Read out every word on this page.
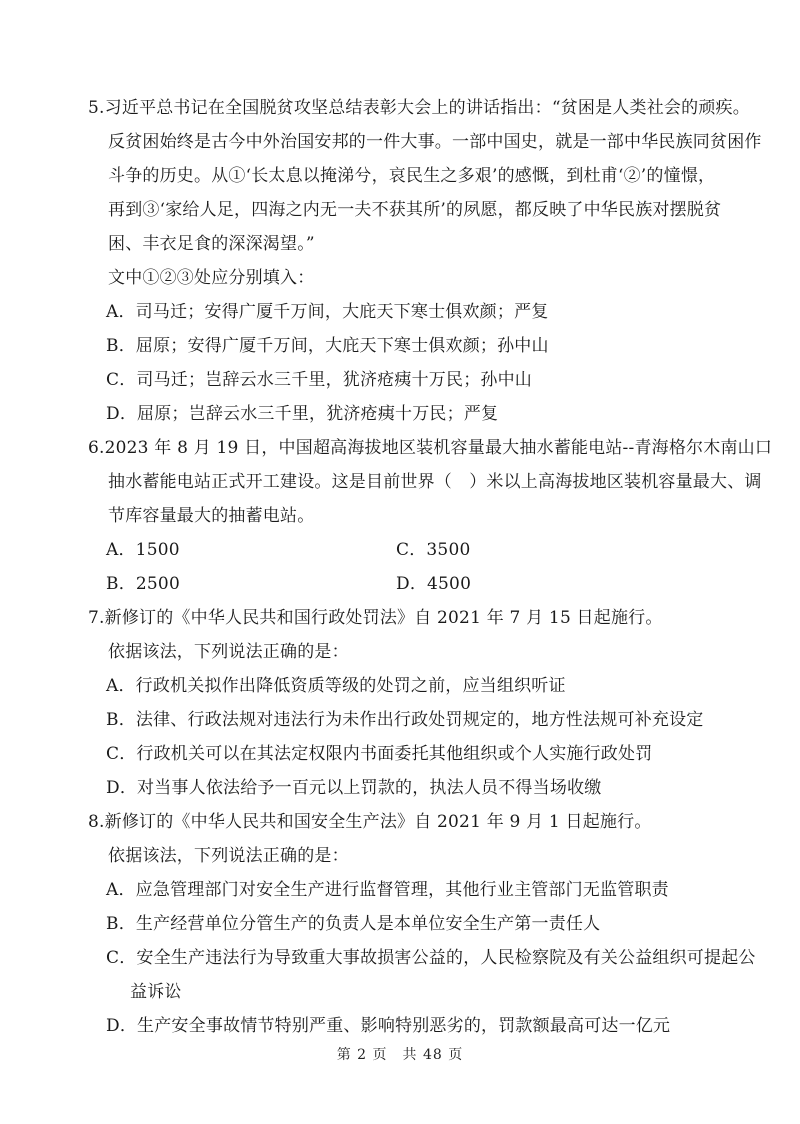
5.习近平总书记在全国脱贫攻坚总结表彰大会上的讲话指出：“贫困是人类社会的顽疾。
反贫困始终是古今中外治国安邦的一件大事。一部中国史，就是一部中华民族同贫困作
斗争的历史。从①‘长太息以掩涕兮，哀民生之多艰’的感慨，到杜甫‘②’的憧憬，
再到③‘家给人足，四海之内无一夫不获其所’的夙愿，都反映了中华民族对摆脱贫
困、丰衣足食的深深渴望。”
文中①②③处应分别填入：
A．司马迁；安得广厦千万间，大庇天下寒士俱欢颜；严复
B．屈原；安得广厦千万间，大庇天下寒士俱欢颜；孙中山
C．司马迁；岂辞云水三千里，犹济疮痍十万民；孙中山
D．屈原；岂辞云水三千里，犹济疮痍十万民；严复
6.2023 年 8 月 19 日，中国超高海拔地区装机容量最大抽水蓄能电站--青海格尔木南山口
抽水蓄能电站正式开工建设。这是目前世界（　）米以上高海拔地区装机容量最大、调
节库容量最大的抽蓄电站。
A．1500	C．3500
B．2500	D．4500
7.新修订的《中华人民共和国行政处罚法》自 2021 年 7 月 15 日起施行。
依据该法，下列说法正确的是：
A．行政机关拟作出降低资质等级的处罚之前，应当组织听证
B．法律、行政法规对违法行为未作出行政处罚规定的，地方性法规可补充设定
C．行政机关可以在其法定权限内书面委托其他组织或个人实施行政处罚
D．对当事人依法给予一百元以上罚款的，执法人员不得当场收缴
8.新修订的《中华人民共和国安全生产法》自 2021 年 9 月 1 日起施行。
依据该法，下列说法正确的是：
A．应急管理部门对安全生产进行监督管理，其他行业主管部门无监管职责
B．生产经营单位分管生产的负责人是本单位安全生产第一责任人
C．安全生产违法行为导致重大事故损害公益的，人民检察院及有关公益组织可提起公
益诉讼
D．生产安全事故情节特别严重、影响特别恶劣的，罚款额最高可达一亿元
第 2 页　共 48 页
